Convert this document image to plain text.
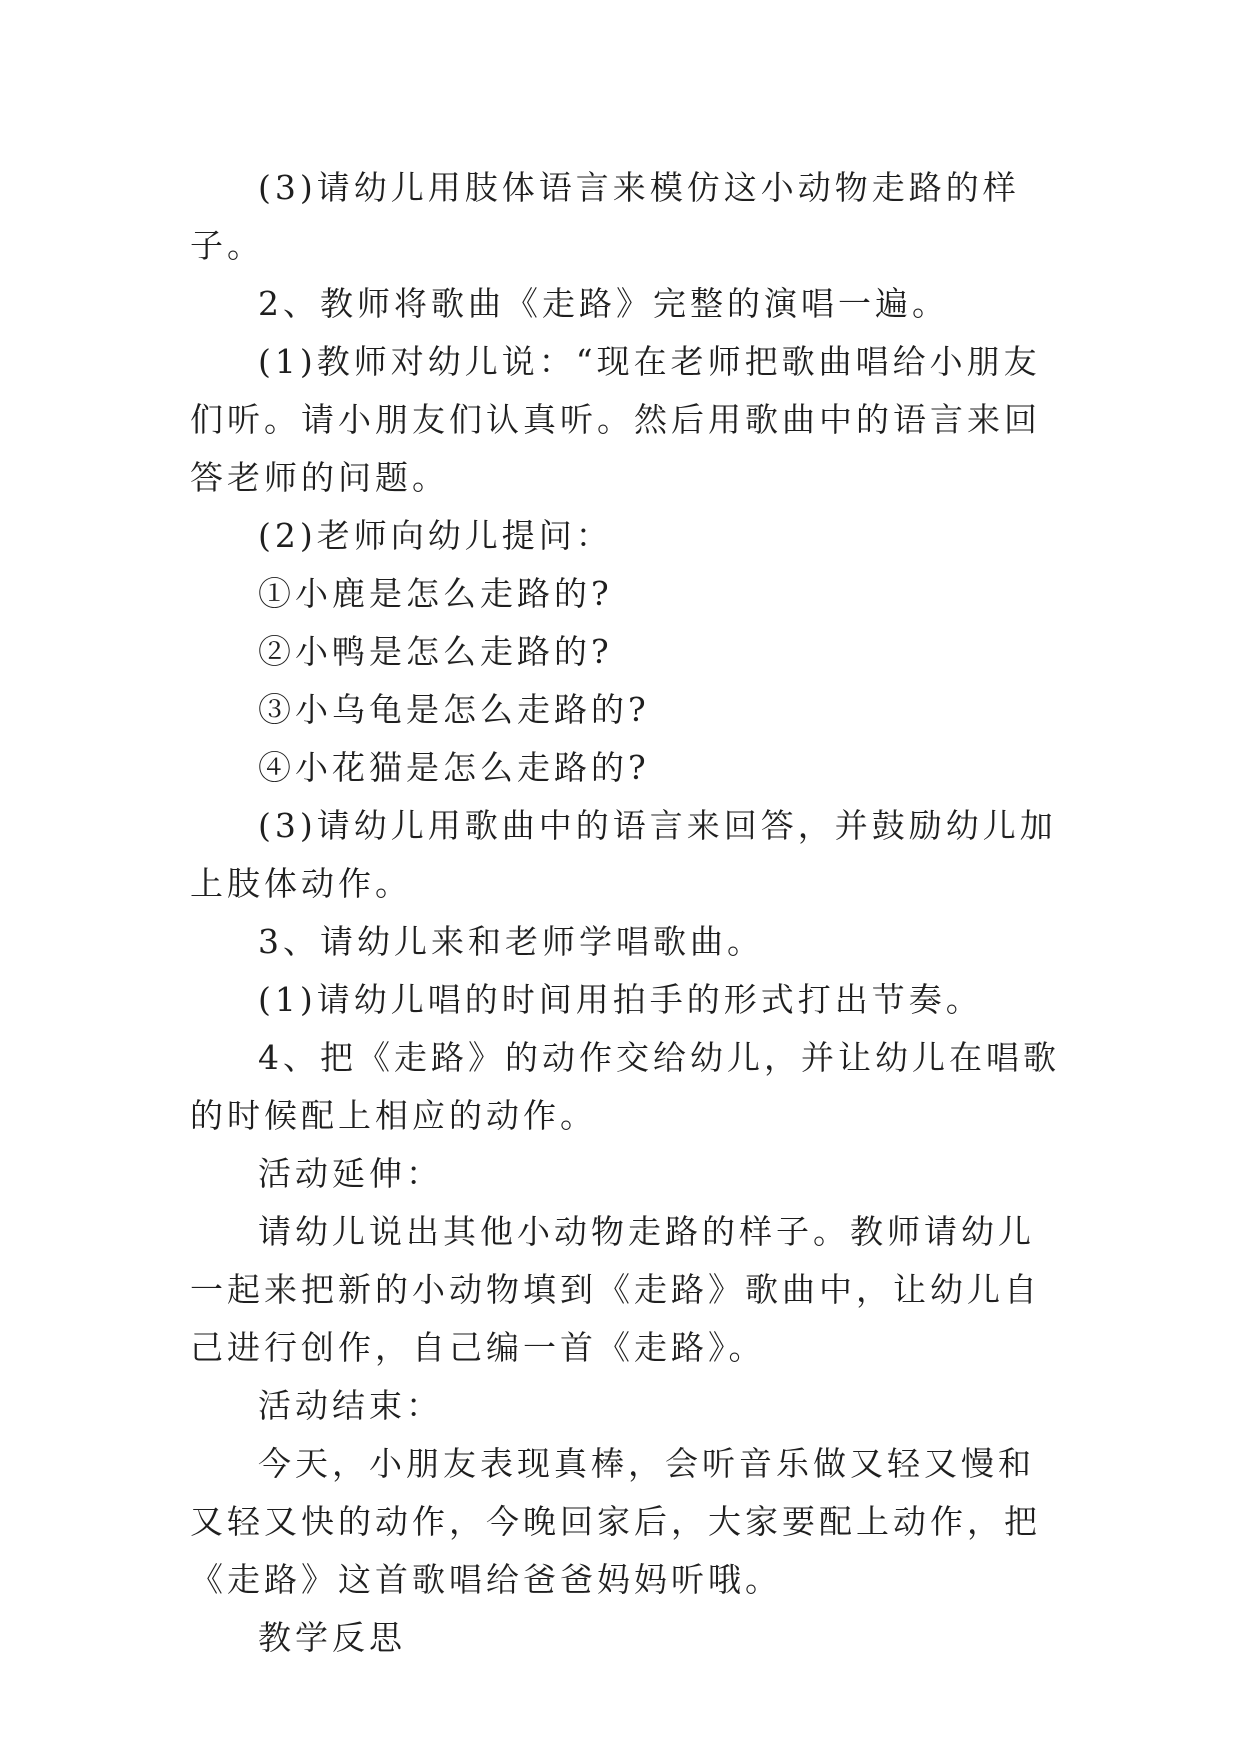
(3)请幼儿用肢体语言来模仿这小动物走路的样子。

2、教师将歌曲《走路》完整的演唱一遍。

(1)教师对幼儿说：“现在老师把歌曲唱给小朋友们听。请小朋友们认真听。然后用歌曲中的语言来回答老师的问题。

(2)老师向幼儿提问：

①小鹿是怎么走路的?

②小鸭是怎么走路的?

③小乌龟是怎么走路的?

④小花猫是怎么走路的?

(3)请幼儿用歌曲中的语言来回答，并鼓励幼儿加上肢体动作。

3、请幼儿来和老师学唱歌曲。

(1)请幼儿唱的时间用拍手的形式打出节奏。

4、把《走路》的动作交给幼儿，并让幼儿在唱歌的时候配上相应的动作。

活动延伸：

请幼儿说出其他小动物走路的样子。教师请幼儿一起来把新的小动物填到《走路》歌曲中，让幼儿自己进行创作，自己编一首《走路》。

活动结束：

今天，小朋友表现真棒，会听音乐做又轻又慢和又轻又快的动作，今晚回家后，大家要配上动作，把《走路》这首歌唱给爸爸妈妈听哦。

教学反思
